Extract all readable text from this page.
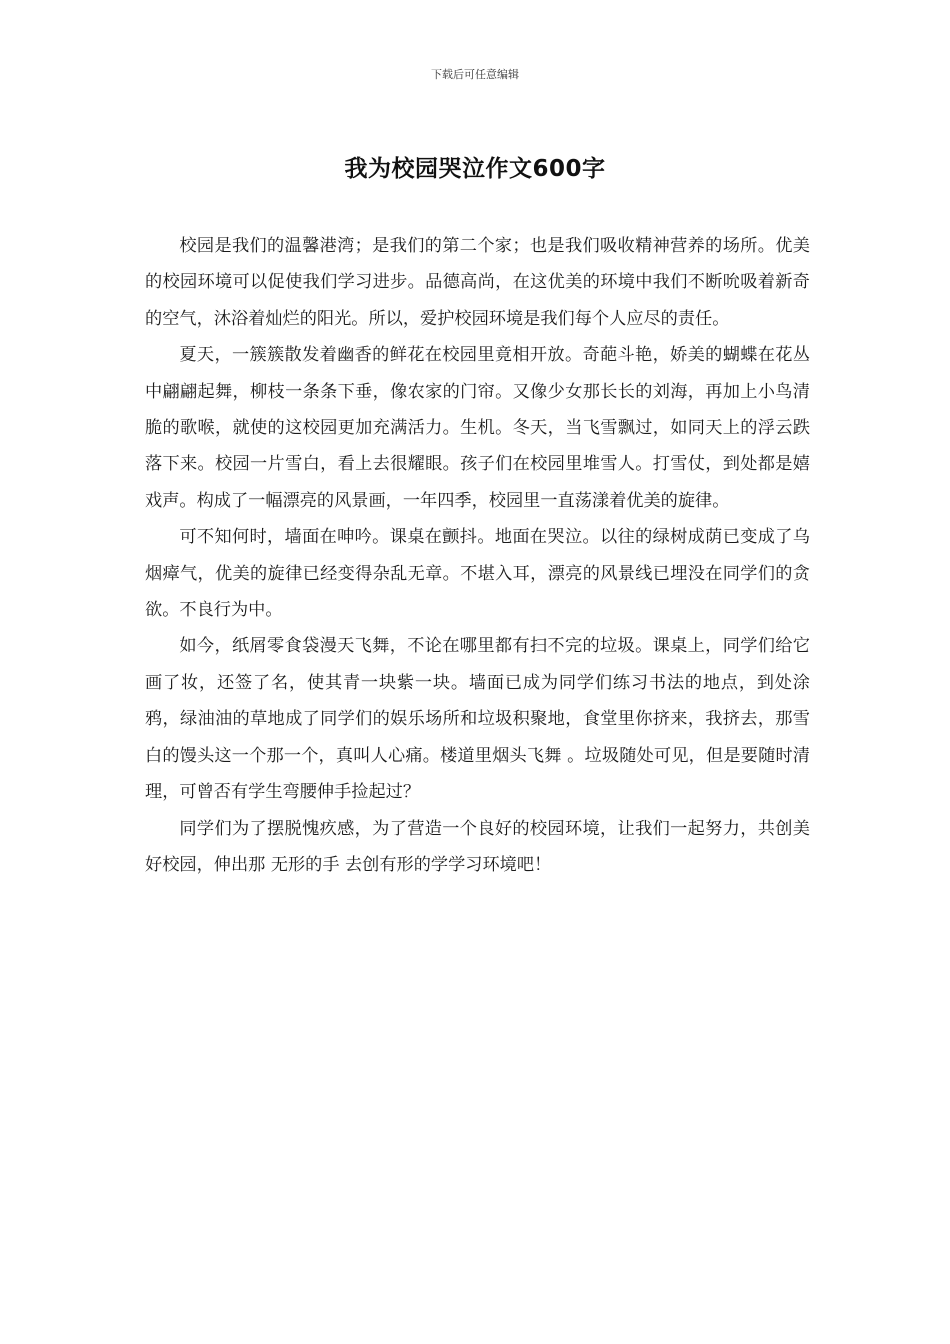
下载后可任意编辑
我为校园哭泣作文600字

校园是我们的温馨港湾；是我们的第二个家；也是我们吸收精神营养的场所。优美的校园环境可以促使我们学习进步。品德高尚，在这优美的环境中我们不断吮吸着新奇的空气，沐浴着灿烂的阳光。所以，爱护校园环境是我们每个人应尽的责任。

夏天，一簇簇散发着幽香的鲜花在校园里竟相开放。奇葩斗艳，娇美的蝴蝶在花丛中翩翩起舞，柳枝一条条下垂，像农家的门帘。又像少女那长长的刘海，再加上小鸟清脆的歌喉，就使的这校园更加充满活力。生机。冬天，当飞雪飘过，如同天上的浮云跌落下来。校园一片雪白，看上去很耀眼。孩子们在校园里堆雪人。打雪仗，到处都是嬉戏声。构成了一幅漂亮的风景画，一年四季，校园里一直荡漾着优美的旋律。

可不知何时，墙面在呻吟。课桌在颤抖。地面在哭泣。以往的绿树成荫已变成了乌烟瘴气，优美的旋律已经变得杂乱无章。不堪入耳，漂亮的风景线已埋没在同学们的贪欲。不良行为中。

如今，纸屑零食袋漫天飞舞，不论在哪里都有扫不完的垃圾。课桌上，同学们给它画了妆，还签了名，使其青一块紫一块。墙面已成为同学们练习书法的地点，到处涂鸦，绿油油的草地成了同学们的娱乐场所和垃圾积聚地，食堂里你挤来，我挤去，那雪白的馒头这一个那一个，真叫人心痛。楼道里烟头飞舞 。垃圾随处可见，但是要随时清理，可曾否有学生弯腰伸手捡起过？

同学们为了摆脱愧疚感，为了营造一个良好的校园环境，让我们一起努力，共创美好校园，伸出那 无形的手 去创有形的学学习环境吧！
